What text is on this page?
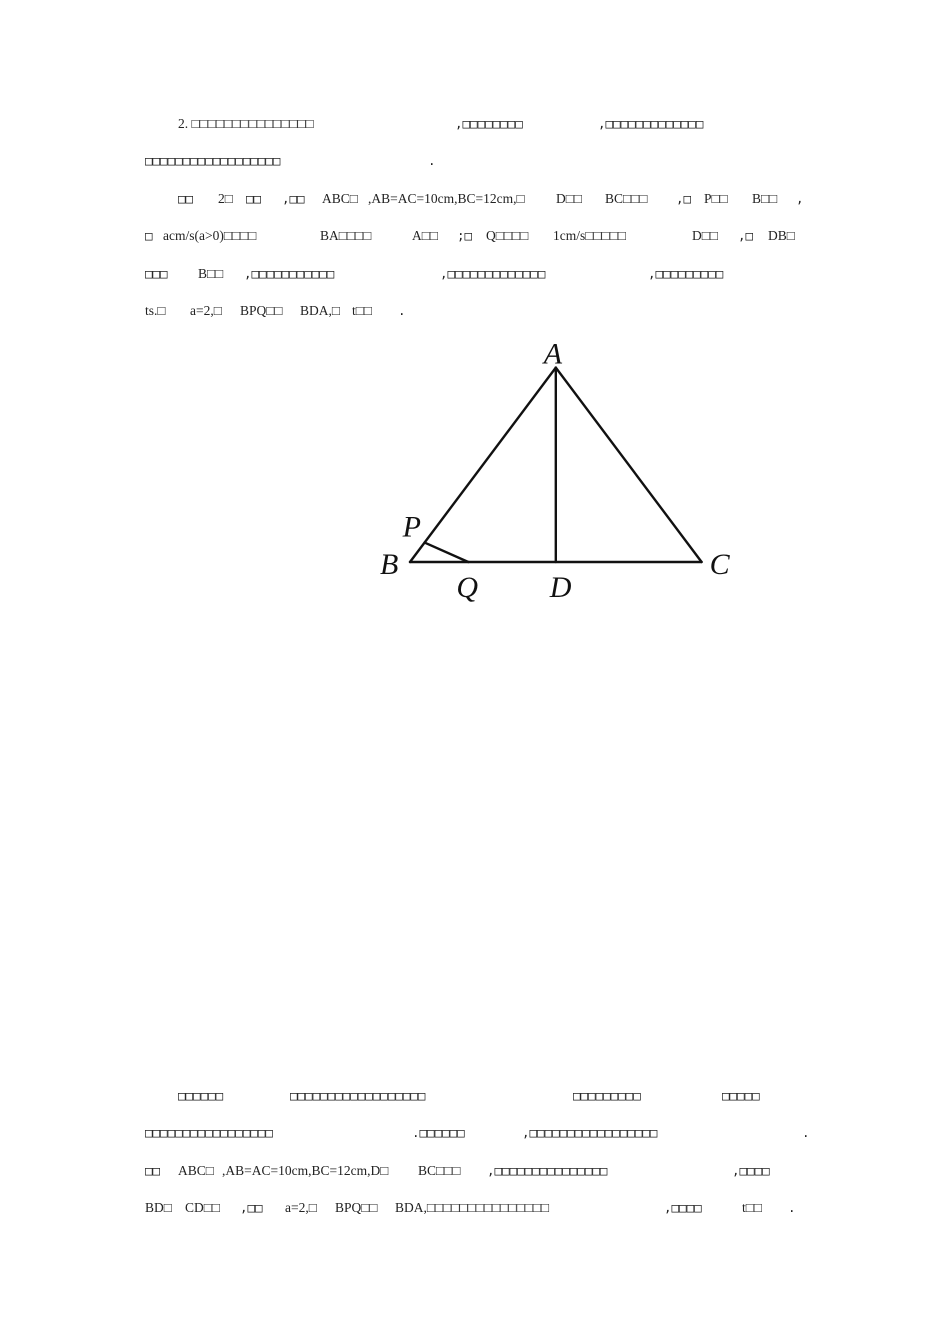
2. □□□□□□□□□□□□□□□	,□□□□□□□□	,□□□□□□□□□□□□□
□□□□□□□□□□□□□□□□□□	.
□□ 2□ □□ ,□□ ABC□ ,AB=AC=10cm,BC=12cm,□ D□□ BC□□□ ,□ P□□ B□□ ,
□ acm/s(a>0)□□□□	BA□□□□	A□□ ;□ Q□□□□ 1cm/s□□□□□	D□□ ,□ DB□
□□□ B□□ ,□□□□□□□□□□□	,□□□□□□□□□□□□□	,□□□□□□□□□
ts.□ a=2,□ BPQ□□ BDA,□ t□□ .
A
B	C
D
P
Q
□□□□□□	□□□□□□□□□□□□□□□□□□	□□□□□□□□□	□□□□□
□□□□□□□□□□□□□□□□□	.□□□□□□	,□□□□□□□□□□□□□□□□□	.
□□ ABC□ ,AB=AC=10cm,BC=12cm,D□ BC□□□ ,□□□□□□□□□□□□□□□	,□□□□
BD□ CD□□ ,□□ a=2,□ BPQ□□ BDA,□□□□□□□□□□□□□□□	,□□□□	t□□ .
